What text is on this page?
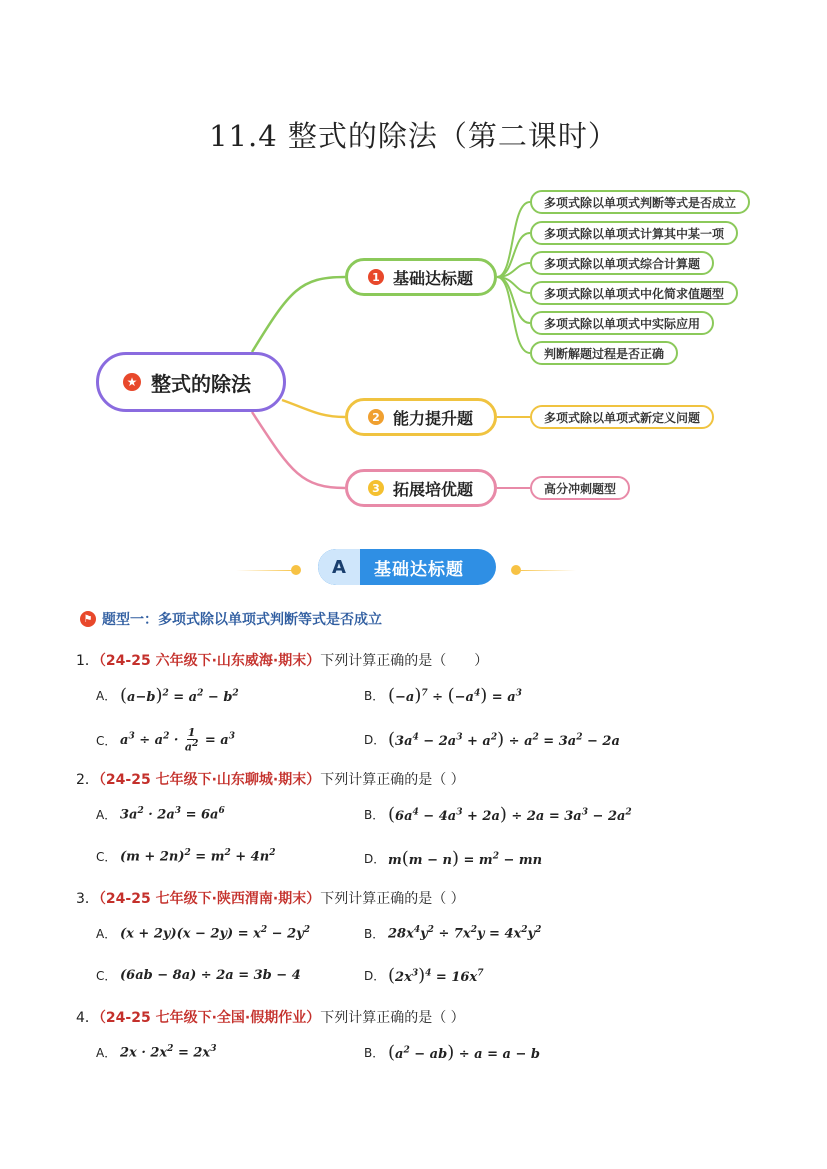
11.4 整式的除法（第二课时）
★ 整式的除法
1 基础达标题
2 能力提升题
3 拓展培优题
多项式除以单项式判断等式是否成立
多项式除以单项式计算其中某一项
多项式除以单项式综合计算题
多项式除以单项式中化简求值题型
多项式除以单项式中实际应用
判断解题过程是否正确
多项式除以单项式新定义问题
高分冲刺题型
A	基础达标题
⚑ 题型一：多项式除以单项式判断等式是否成立
1．（24-25 六年级下·山东威海·期末）下列计算正确的是（　　）
A． $(a-b)^2 = a^2 - b^2$	B． $(-a)^7 \div (-a^4) = a^3$
C． $a^3 \div a^2 \cdot \frac{1}{a^2} = a^3$	D． $(3a^4 - 2a^3 + a^2) \div a^2 = 3a^2 - 2a$
2．（24-25 七年级下·山东聊城·期末）下列计算正确的是（ ）
A． $3a^2 \cdot 2a^3 = 6a^6$	B． $(6a^4 - 4a^3 + 2a) \div 2a = 3a^3 - 2a^2$
C． $(m + 2n)^2 = m^2 + 4n^2$	D． $m(m - n) = m^2$ − mn
3．（24-25 七年级下·陕西渭南·期末）下列计算正确的是（ ）
A． $(x + 2y)(x - 2y) = x^2 - 2y^2$	B． $28x^4y^2 \div 7x^2y = 4x^2y^2$
C． (6ab − 8a) ÷ 2a = 3b − 4	D． $(2x^3)^4 = 16x^7$
4．（24-25 七年级下·全国·假期作业）下列计算正确的是（ ）
A． $2x \cdot 2x^2 = 2x^3$	B． $(a^2 - ab) \div a = a - b$
